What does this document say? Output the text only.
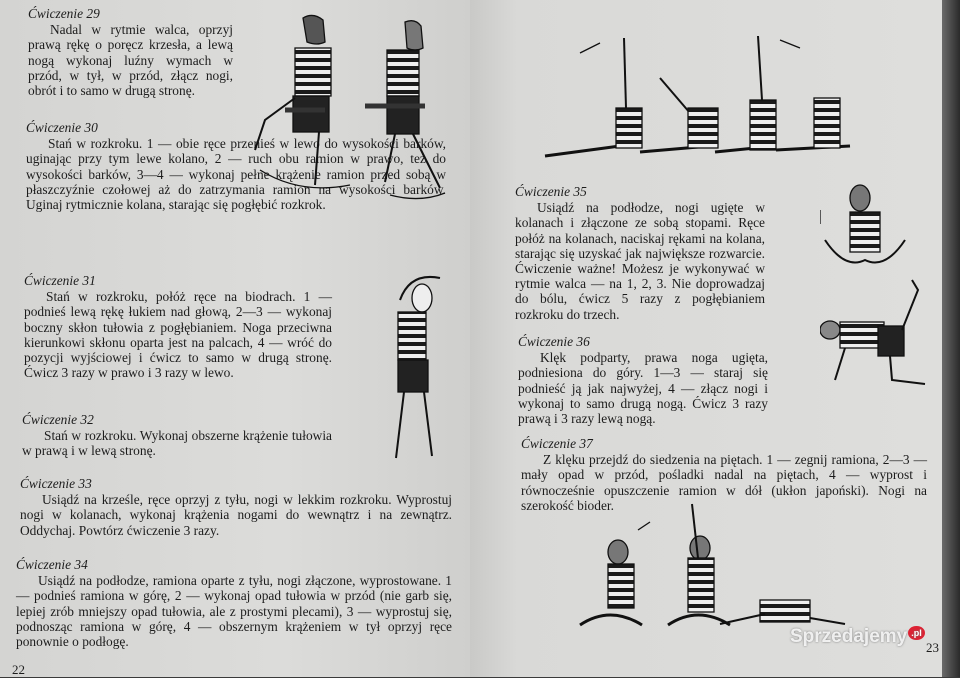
Ćwiczenie 29

Nadal w rytmie walca, oprzyj prawą rękę o poręcz krzesła, a lewą nogą wykonaj luźny wymach w przód, w tył, w przód, złącz nogi, obrót i to samo w drugą stronę.

Ćwiczenie 30

Stań w rozkroku. 1 — obie ręce przenieś w lewo do wysokości barków, uginając przy tym lewe kolano, 2 — ruch obu ramion w prawo, też do wysokości barków, 3—4 — wykonaj pełne krążenie ramion przed sobą w płaszczyźnie czołowej aż do zatrzymania ramion na wysokości barków. Uginaj rytmicznie kolana, starając się pogłębić rozkrok.

Ćwiczenie 31

Stań w rozkroku, połóż ręce na biodrach. 1 — podnieś lewą rękę łukiem nad głową, 2—3 — wykonaj boczny skłon tułowia z pogłębianiem. Noga przeciwna kierunkowi skłonu oparta jest na palcach, 4 — wróć do pozycji wyjściowej i ćwicz to samo w drugą stronę. Ćwicz 3 razy w prawo i 3 razy w lewo.

Ćwiczenie 32

Stań w rozkroku. Wykonaj obszerne krążenie tułowia w prawą i w lewą stronę.

Ćwiczenie 33

Usiądź na krześle, ręce oprzyj z tyłu, nogi w lekkim rozkroku. Wyprostuj nogi w kolanach, wykonaj krążenia nogami do wewnątrz i na zewnątrz. Oddychaj. Powtórz ćwiczenie 3 razy.

Ćwiczenie 34

Usiądź na podłodze, ramiona oparte z tyłu, nogi złączone, wyprostowane. 1 — podnieś ramiona w górę, 2 — wykonaj opad tułowia w przód (nie garb się, lepiej zrób mniejszy opad tułowia, ale z prostymi plecami), 3 — wyprostuj się, podnosząc ramiona w górę, 4 — obszernym krążeniem w tył oprzyj ręce ponownie o podłogę.

22
Ćwiczenie 35

Usiądź na podłodze, nogi ugięte w kolanach i złączone ze sobą stopami. Ręce połóż na kolanach, naciskaj rękami na kolana, starając się uzyskać jak największe rozwarcie. Ćwiczenie ważne! Możesz je wykonywać w rytmie walca — na 1, 2, 3. Nie doprowadzaj do bólu, ćwicz 5 razy z pogłębianiem rozkroku do trzech.

Ćwiczenie 36

Klęk podparty, prawa noga ugięta, podniesiona do góry. 1—3 — staraj się podnieść ją jak najwyżej, 4 — złącz nogi i wykonaj to samo drugą nogą. Ćwicz 3 razy prawą i 3 razy lewą nogą.

Ćwiczenie 37

Z klęku przejdź do siedzenia na piętach. 1 — zegnij ramiona, 2—3 — mały opad w przód, pośladki nadal na piętach, 4 — wyprost i równocześnie opuszczenie ramion w dół (ukłon japoński). Nogi na szerokość bioder.

23
Sprzedajemy .pl
